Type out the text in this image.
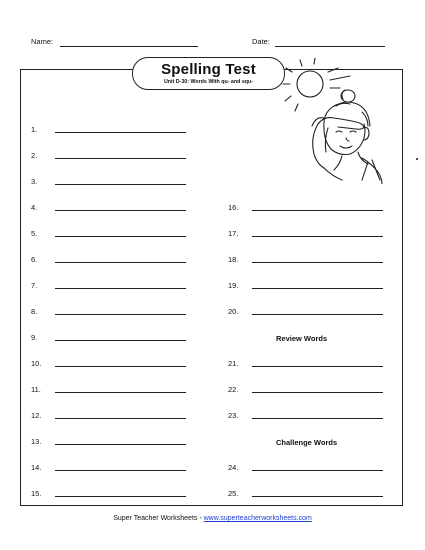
Name:	Date:
Spelling Test
Unit D-30: Words With qu- and squ-
1.
2.
3.
4.
5.
6.
7.
8.
9.
10.
11.
12.
13.
14.
15.
16.
17.
18.
19.
20.
21.
22.
23.
24.
25.
Review Words
Challenge Words
Super Teacher Worksheets - www.superteacherworksheets.com
